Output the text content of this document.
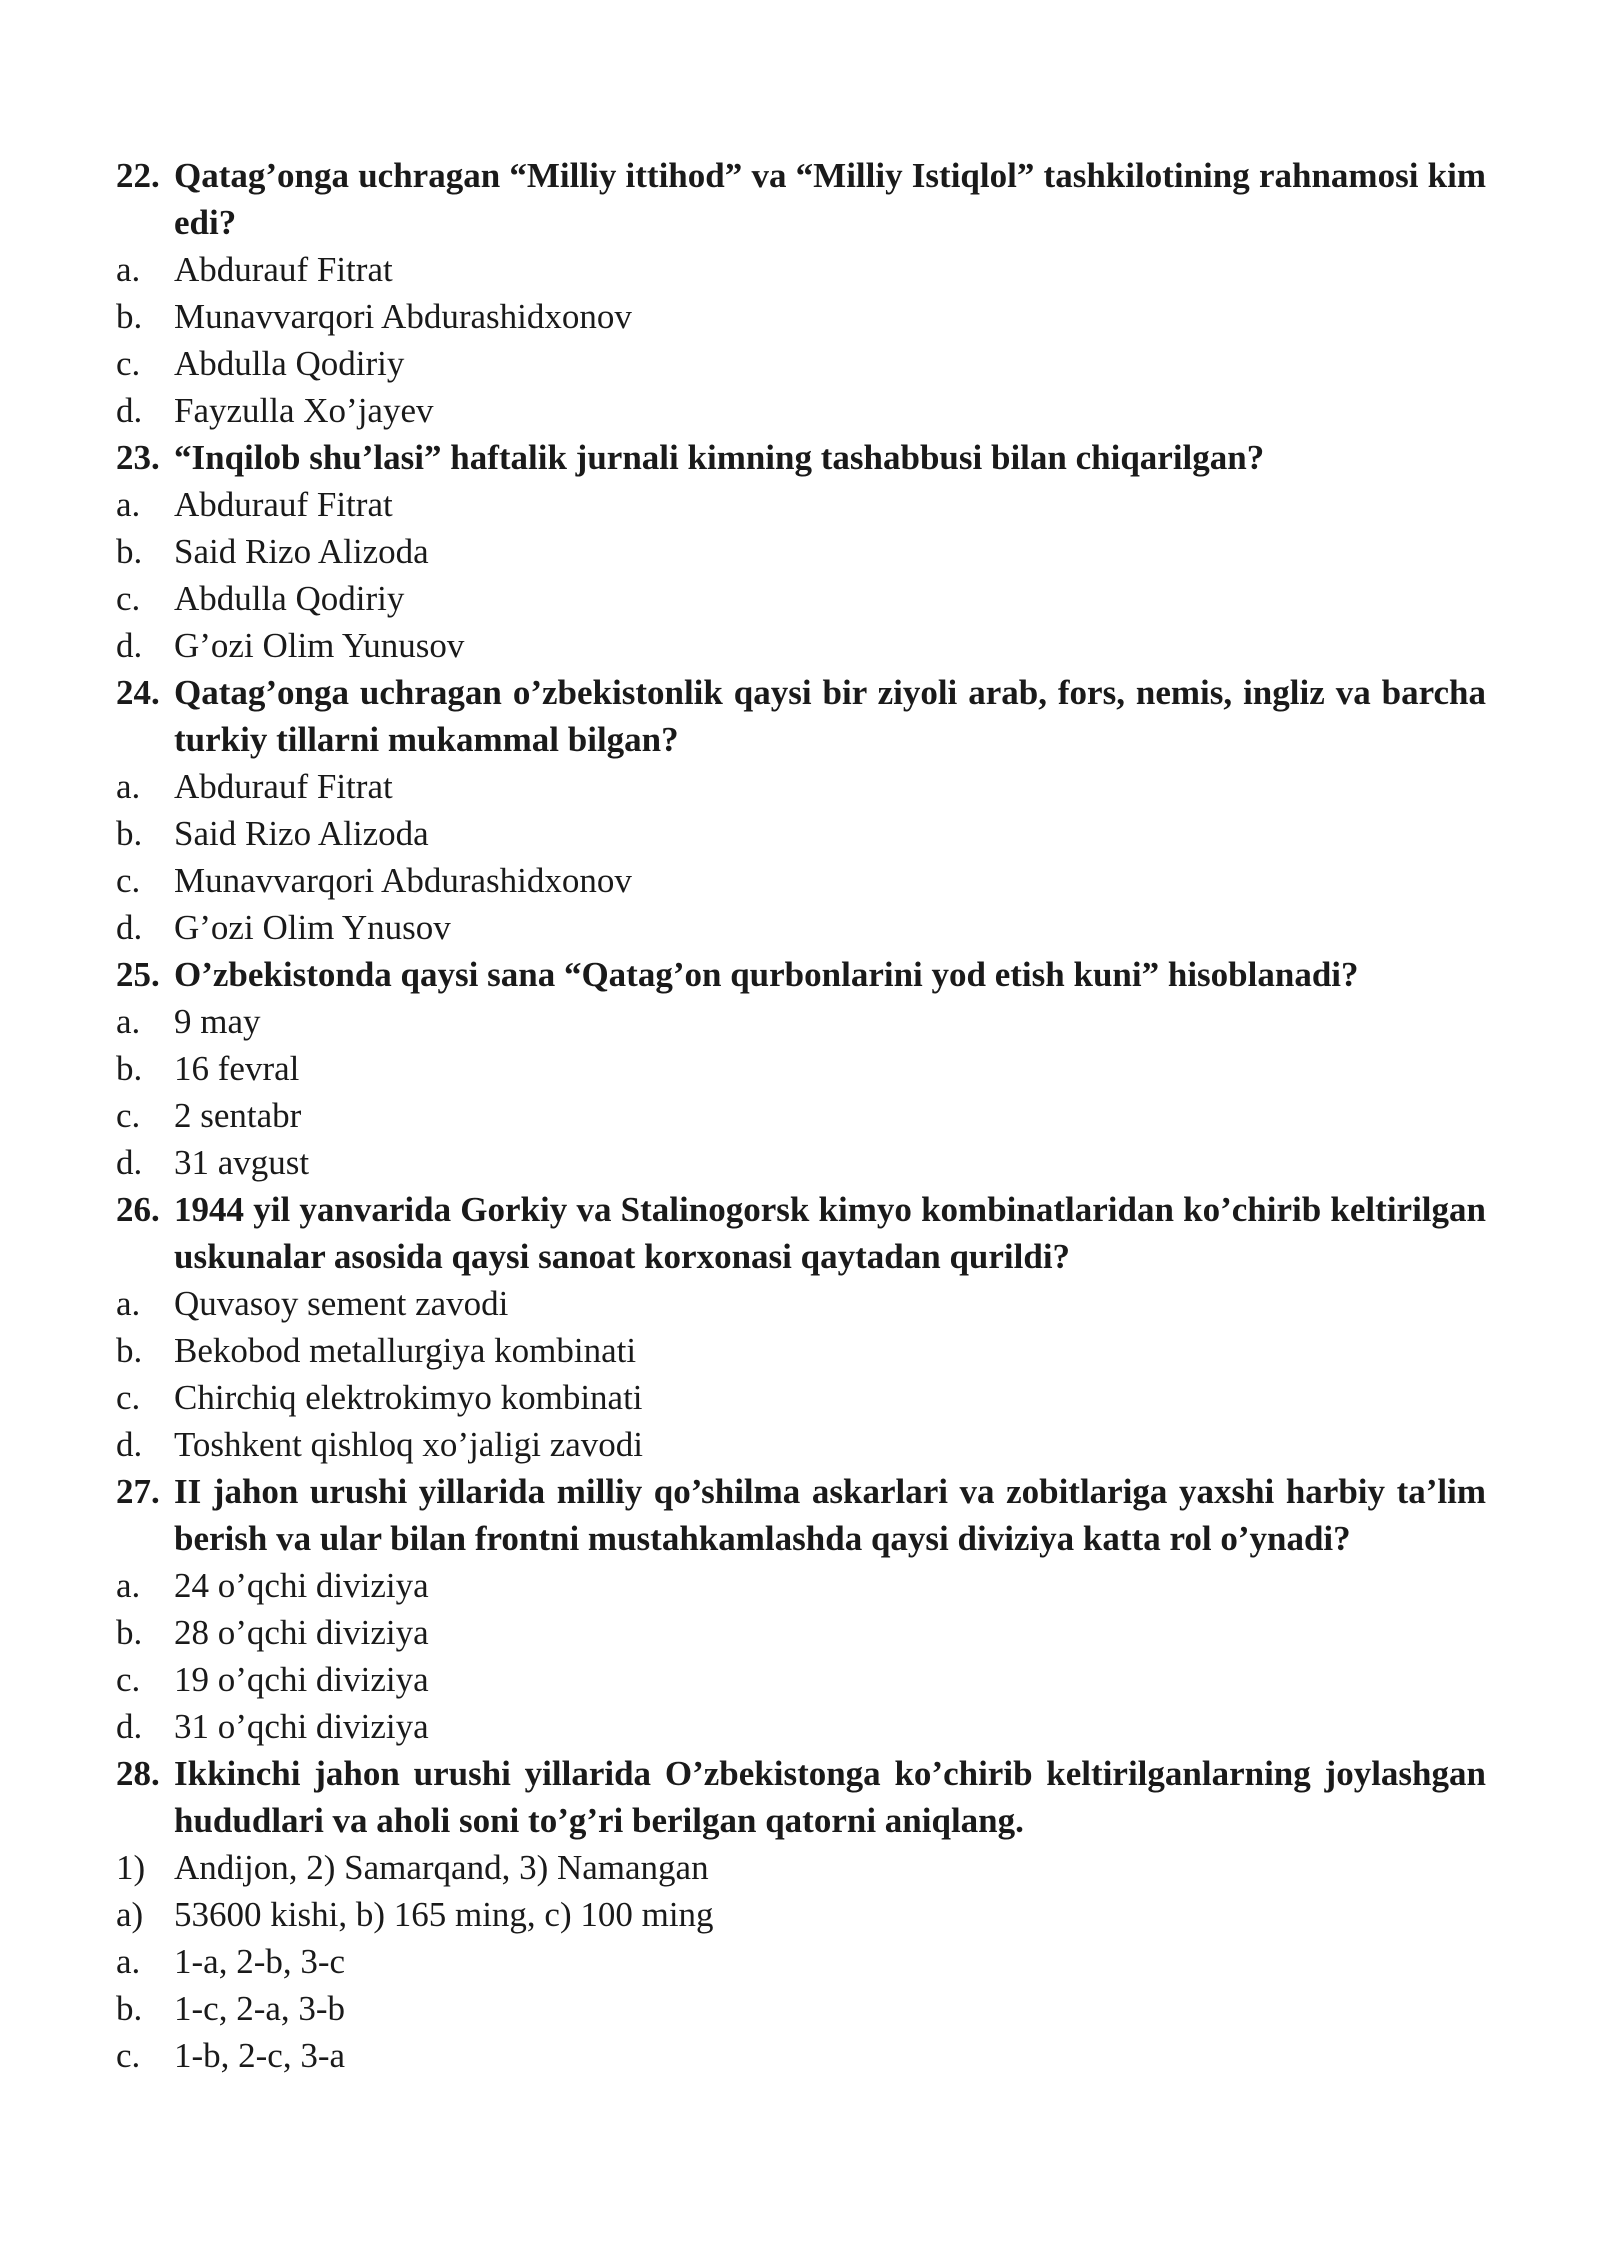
22. Qatag’onga uchragan “Milliy ittihod” va “Milliy Istiqlol” tashkilotining rahnamosi kim edi?
a. Abdurauf Fitrat
b. Munavvarqori Abdurashidxonov
c. Abdulla Qodiriy
d. Fayzulla Xo’jayev
23. “Inqilob shu’lasi” haftalik jurnali kimning tashabbusi bilan chiqarilgan?
a. Abdurauf Fitrat
b. Said Rizo Alizoda
c. Abdulla Qodiriy
d. G’ozi Olim Yunusov
24. Qatag’onga uchragan o’zbekistonlik qaysi bir ziyoli arab, fors, nemis, ingliz va barcha turkiy tillarni mukammal bilgan?
a. Abdurauf Fitrat
b. Said Rizo Alizoda
c. Munavvarqori Abdurashidxonov
d. G’ozi Olim Ynusov
25. O’zbekistonda qaysi sana “Qatag’on qurbonlarini yod etish kuni” hisoblanadi?
a. 9 may
b. 16 fevral
c. 2 sentabr
d. 31 avgust
26. 1944 yil yanvarida Gorkiy va Stalinogorsk kimyo kombinatlaridan ko’chirib keltirilgan uskunalar asosida qaysi sanoat korxonasi qaytadan qurildi?
a. Quvasoy sement zavodi
b. Bekobod metallurgiya kombinati
c. Chirchiq elektrokimyo kombinati
d. Toshkent qishloq xo’jaligi zavodi
27. II jahon urushi yillarida milliy qo’shilma askarlari va zobitlariga yaxshi harbiy ta’lim berish va ular bilan frontni mustahkamlashda qaysi diviziya katta rol o’ynadi?
a. 24 o’qchi diviziya
b. 28 o’qchi diviziya
c. 19 o’qchi diviziya
d. 31 o’qchi diviziya
28. Ikkinchi jahon urushi yillarida O’zbekistonga ko’chirib keltirilganlarning joylashgan hududlari va aholi soni to’g’ri berilgan qatorni aniqlang.
1) Andijon, 2) Samarqand, 3) Namangan
a) 53600 kishi, b) 165 ming, c) 100 ming
a. 1-a, 2-b, 3-c
b. 1-c, 2-a, 3-b
c. 1-b, 2-c, 3-a
